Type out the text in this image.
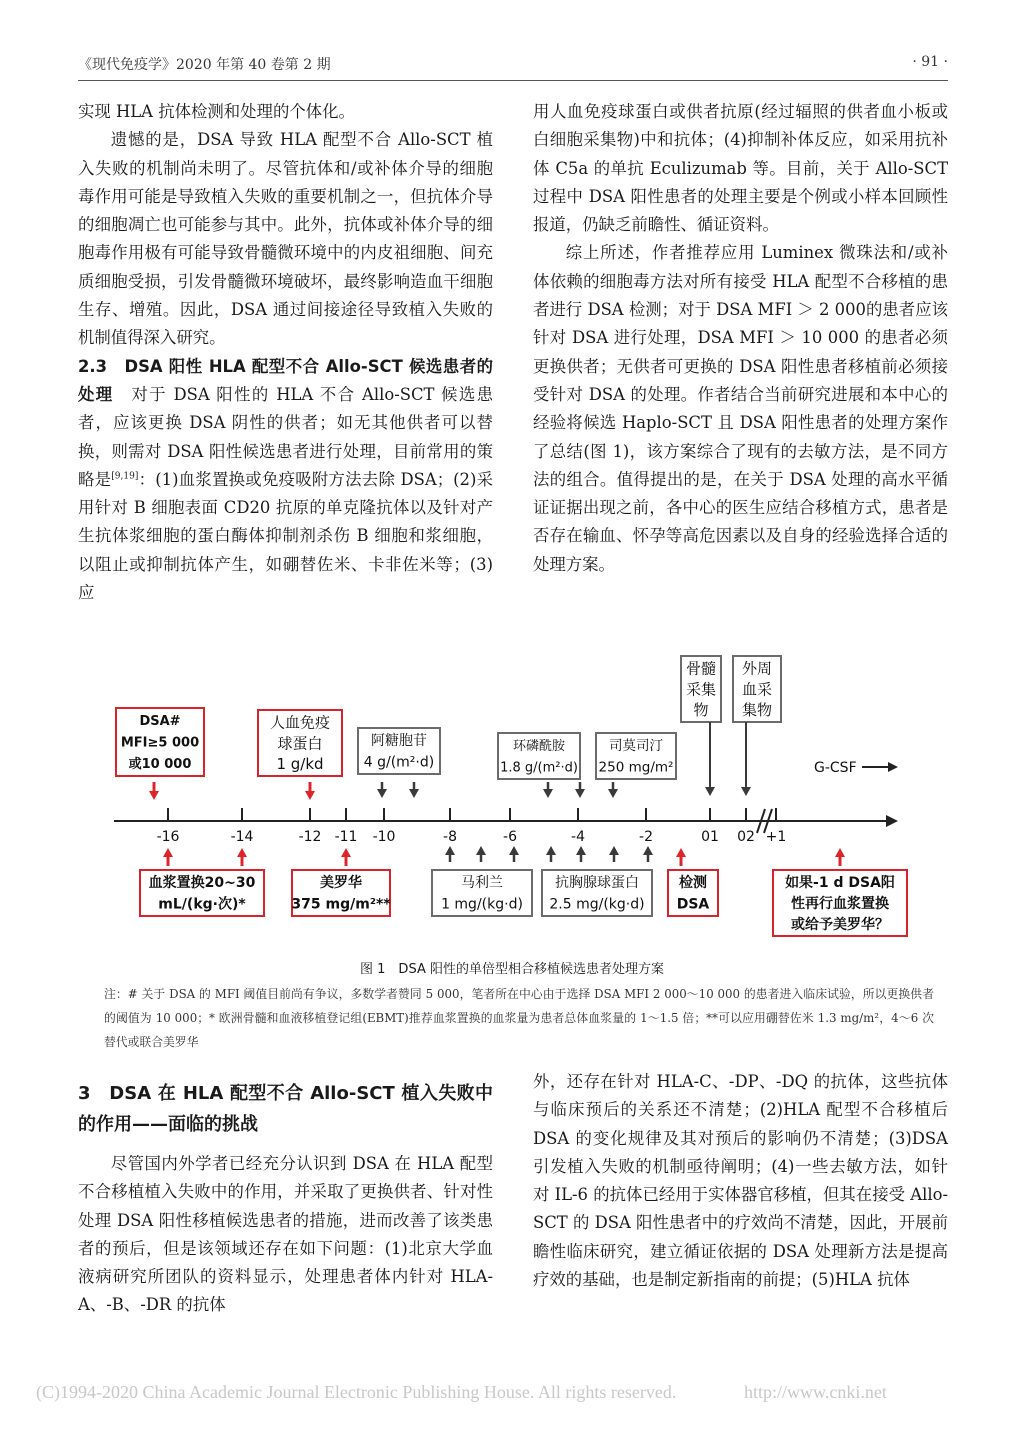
《现代免疫学》2020 年第 40 卷第 2 期	· 91 ·

实现 HLA 抗体检测和处理的个体化。

遗憾的是，DSA 导致 HLA 配型不合 Allo-SCT 植入失败的机制尚未明了。尽管抗体和/或补体介导的细胞毒作用可能是导致植入失败的重要机制之一，但抗体介导的细胞凋亡也可能参与其中。此外，抗体或补体介导的细胞毒作用极有可能导致骨髓微环境中的内皮祖细胞、间充质细胞受损，引发骨髓微环境破坏，最终影响造血干细胞生存、增殖。因此，DSA 通过间接途径导致植入失败的机制值得深入研究。

2.3　DSA 阳性 HLA 配型不合 Allo-SCT 候选患者的处理　对于 DSA 阳性的 HLA 不合 Allo-SCT 候选患者，应该更换 DSA 阴性的供者；如无其他供者可以替换，则需对 DSA 阳性候选患者进行处理，目前常用的策略是[9,19]：(1)血浆置换或免疫吸附方法去除 DSA；(2)采用针对 B 细胞表面 CD20 抗原的单克隆抗体以及针对产生抗体浆细胞的蛋白酶体抑制剂杀伤 B 细胞和浆细胞，以阻止或抑制抗体产生，如硼替佐米、卡非佐米等；(3)应

用人血免疫球蛋白或供者抗原(经过辐照的供者血小板或白细胞采集物)中和抗体；(4)抑制补体反应，如采用抗补体 C5a 的单抗 Eculizumab 等。目前，关于 Allo-SCT 过程中 DSA 阳性患者的处理主要是个例或小样本回顾性报道，仍缺乏前瞻性、循证资料。

综上所述，作者推荐应用 Luminex 微珠法和/或补体依赖的细胞毒方法对所有接受 HLA 配型不合移植的患者进行 DSA 检测；对于 DSA MFI ＞ 2 000的患者应该针对 DSA 进行处理，DSA MFI ＞ 10 000 的患者必须更换供者；无供者可更换的 DSA 阳性患者移植前必须接受针对 DSA 的处理。作者结合当前研究进展和本中心的经验将候选 Haplo-SCT 且 DSA 阳性患者的处理方案作了总结(图 1)，该方案综合了现有的去敏方法，是不同方法的组合。值得提出的是，在关于 DSA 处理的高水平循证证据出现之前，各中心的医生应结合移植方式，患者是否存在输血、怀孕等高危因素以及自身的经验选择合适的处理方案。

-16	-14	-12 -11 -10	-8	-6	-4	-2	01 02 +1
DSA#
MFI≥5 000
或10 000
人血免疫
球蛋白
1 g/kd
阿糖胞苷
4 g/(m²·d)
环磷酰胺
1.8 g/(m²·d)
司莫司汀
250 mg/m²
骨髓
采集
物
外周
血采
集物
G-CSF
血浆置换20~30
mL/(kg·次)*
美罗华
375 mg/m²**
马利兰
1 mg/(kg·d)
抗胸腺球蛋白
2.5 mg/(kg·d)
检测
DSA
如果-1 d DSA阳
性再行血浆置换
或给予美罗华？
图 1　DSA 阳性的单倍型相合移植候选患者处理方案
注：# 关于 DSA 的 MFI 阈值目前尚有争议，多数学者赞同 5 000，笔者所在中心由于选择 DSA MFI 2 000～10 000 的患者进入临床试验，所以更换供者的阈值为 10 000；* 欧洲骨髓和血液移植登记组(EBMT)推荐血浆置换的血浆量为患者总体血浆量的 1～1.5 倍；**可以应用硼替佐米 1.3 mg/m²，4～6 次替代或联合美罗华

3　DSA 在 HLA 配型不合 Allo-SCT 植入失败中的作用——面临的挑战

尽管国内外学者已经充分认识到 DSA 在 HLA 配型不合移植植入失败中的作用，并采取了更换供者、针对性处理 DSA 阳性移植候选患者的措施，进而改善了该类患者的预后，但是该领域还存在如下问题：(1)北京大学血液病研究所团队的资料显示，处理患者体内针对 HLA-A、-B、-DR 的抗体

外，还存在针对 HLA-C、-DP、-DQ 的抗体，这些抗体与临床预后的关系还不清楚；(2)HLA 配型不合移植后 DSA 的变化规律及其对预后的影响仍不清楚；(3)DSA 引发植入失败的机制亟待阐明；(4)一些去敏方法，如针对 IL-6 的抗体已经用于实体器官移植，但其在接受 Allo-SCT 的 DSA 阳性患者中的疗效尚不清楚，因此，开展前瞻性临床研究，建立循证依据的 DSA 处理新方法是提高疗效的基础，也是制定新指南的前提；(5)HLA 抗体

(C)1994-2020 China Academic Journal Electronic Publishing House. All rights reserved.	http://www.cnki.net
